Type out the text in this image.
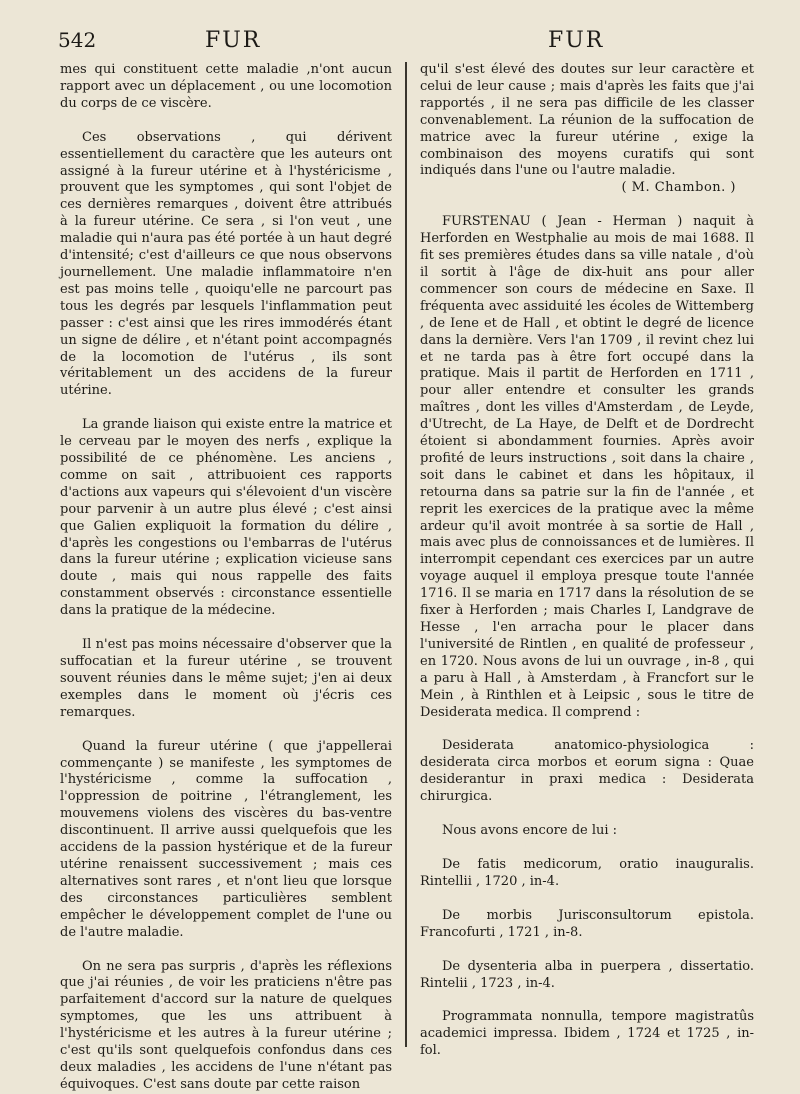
542	FUR	FUR

mes qui constituent cette maladie ,n'ont aucun rapport avec un déplacement , ou une locomotion du corps de ce viscère.

Ces observations , qui dérivent essentiellement du caractère que les auteurs ont assigné à la fureur utérine et à l'hystéricisme , prouvent que les symptomes , qui sont l'objet de ces dernières remarques , doivent être attribués à la fureur utérine. Ce sera , si l'on veut , une maladie qui n'aura pas été portée à un haut degré d'intensité; c'est d'ailleurs ce que nous observons journellement. Une maladie inflammatoire n'en est pas moins telle , quoiqu'elle ne parcourt pas tous les degrés par lesquels l'inflammation peut passer : c'est ainsi que les rires immodérés étant un signe de délire , et n'étant point accompagnés de la locomotion de l'utérus , ils sont véritablement un des accidens de la fureur utérine.

La grande liaison qui existe entre la matrice et le cerveau par le moyen des nerfs , explique la possibilité de ce phénomène. Les anciens , comme on sait , attribuoient ces rapports d'actions aux vapeurs qui s'élevoient d'un viscère pour parvenir à un autre plus élevé ; c'est ainsi que Galien expliquoit la formation du délire , d'après les congestions ou l'embarras de l'utérus dans la fureur utérine ; explication vicieuse sans doute , mais qui nous rappelle des faits constamment observés : circonstance essentielle dans la pratique de la médecine.

Il n'est pas moins nécessaire d'observer que la suffocatian et la fureur utérine , se trouvent souvent réunies dans le même sujet; j'en ai deux exemples dans le moment où j'écris ces remarques.

Quand la fureur utérine ( que j'appellerai commençante ) se manifeste , les symptomes de l'hystéricisme , comme la suffocation , l'oppression de poitrine , l'étranglement, les mouvemens violens des viscères du bas-ventre discontinuent. Il arrive aussi quelquefois que les accidens de la passion hystérique et de la fureur utérine renaissent successivement ; mais ces alternatives sont rares , et n'ont lieu que lorsque des circonstances particulières semblent empêcher le développement complet de l'une ou de l'autre maladie.

On ne sera pas surpris , d'après les réflexions que j'ai réunies , de voir les praticiens n'être pas parfaitement d'accord sur la nature de quelques symptomes, que les uns attribuent à l'hystéricisme et les autres à la fureur utérine ; c'est qu'ils sont quelquefois confondus dans ces deux maladies , les accidens de l'une n'étant pas équivoques. C'est sans doute par cette raison

qu'il s'est élevé des doutes sur leur caractère et celui de leur cause ; mais d'après les faits que j'ai rapportés , il ne sera pas difficile de les classer convenablement. La réunion de la suffocation de matrice avec la fureur utérine , exige la combinaison des moyens curatifs qui sont indiqués dans l'une ou l'autre maladie.

( M. Chambon. )

FURSTENAU ( Jean - Herman ) naquit à Herforden en Westphalie au mois de mai 1688. Il fit ses premières études dans sa ville natale , d'où il sortit à l'âge de dix-huit ans pour aller commencer son cours de médecine en Saxe. Il fréquenta avec assiduité les écoles de Wittemberg , de Iene et de Hall , et obtint le degré de licence dans la dernière. Vers l'an 1709 , il revint chez lui et ne tarda pas à être fort occupé dans la pratique. Mais il partit de Herforden en 1711 , pour aller entendre et consulter les grands maîtres , dont les villes d'Amsterdam , de Leyde, d'Utrecht, de La Haye, de Delft et de Dordrecht étoient si abondamment fournies. Après avoir profité de leurs instructions , soit dans la chaire , soit dans le cabinet et dans les hôpitaux, il retourna dans sa patrie sur la fin de l'année , et reprit les exercices de la pratique avec la même ardeur qu'il avoit montrée à sa sortie de Hall , mais avec plus de connoissances et de lumières. Il interrompit cependant ces exercices par un autre voyage auquel il employa presque toute l'année 1716. Il se maria en 1717 dans la résolution de se fixer à Herforden ; mais Charles I, Landgrave de Hesse , l'en arracha pour le placer dans l'université de Rintlen , en qualité de professeur , en 1720. Nous avons de lui un ouvrage , in-8 , qui a paru à Hall , à Amsterdam , à Francfort sur le Mein , à Rinthlen et à Leipsic , sous le titre de Desiderata medica. Il comprend :

Desiderata anatomico-physiologica : desiderata circa morbos et eorum signa : Quae desiderantur in praxi medica : Desiderata chirurgica.

Nous avons encore de lui :

De fatis medicorum, oratio inauguralis. Rintellii , 1720 , in-4.

De morbis Jurisconsultorum epistola. Francofurti , 1721 , in-8.

De dysenteria alba in puerpera , dissertatio. Rintelii , 1723 , in-4.

Programmata nonnulla, tempore magistratûs academici impressa. Ibidem , 1724 et 1725 , in-fol.
